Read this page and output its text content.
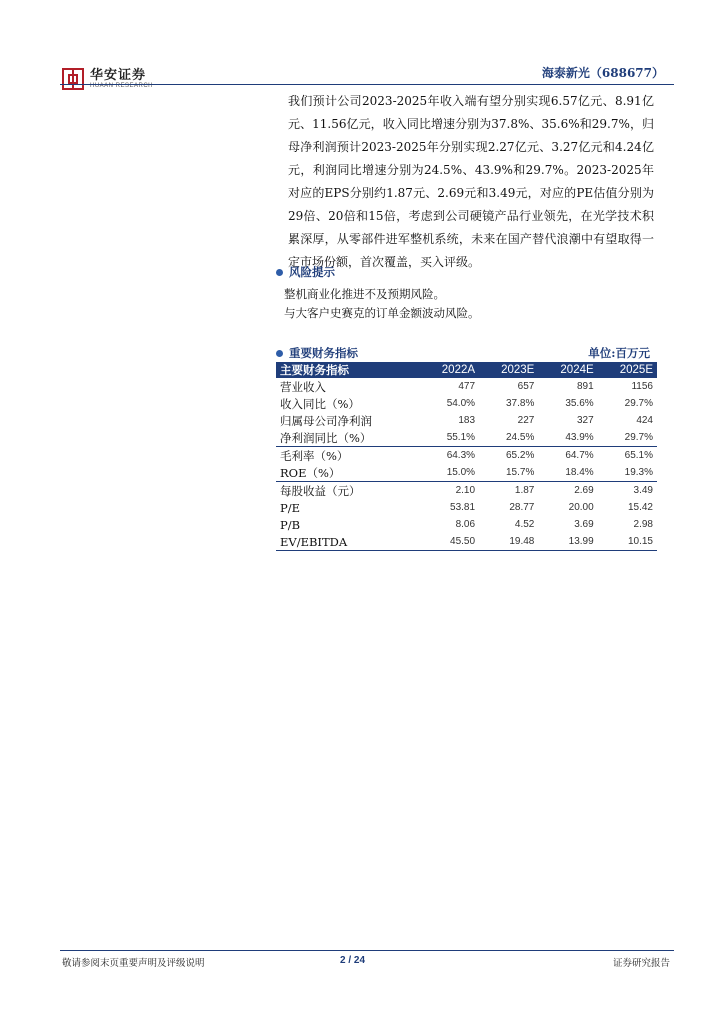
华安证券
HUAAN RESEARCH
海泰新光（688677）
我们预计公司2023-2025年收入端有望分别实现6.57亿元、8.91亿元、11.56亿元，收入同比增速分别为37.8%、35.6%和29.7%，归母净利润预计2023-2025年分别实现2.27亿元、3.27亿元和4.24亿元，利润同比增速分别为24.5%、43.9%和29.7%。2023-2025年对应的EPS分别约1.87元、2.69元和3.49元，对应的PE估值分别为29倍、20倍和15倍，考虑到公司硬镜产品行业领先，在光学技术积累深厚，从零部件进军整机系统，未来在国产替代浪潮中有望取得一定市场份额，首次覆盖，买入评级。
风险提示
整机商业化推进不及预期风险。
与大客户史赛克的订单金额波动风险。
重要财务指标	单位:百万元
主要财务指标	2022A	2023E	2024E	2025E
营业收入	477	657	891	1156
收入同比（%）	54.0%	37.8%	35.6%	29.7%
归属母公司净利润	183	227	327	424
净利润同比（%）	55.1%	24.5%	43.9%	29.7%
毛利率（%）	64.3%	65.2%	64.7%	65.1%
ROE（%）	15.0%	15.7%	18.4%	19.3%
每股收益（元）	2.10	1.87	2.69	3.49
P/E	53.81	28.77	20.00	15.42
P/B	8.06	4.52	3.69	2.98
EV/EBITDA	45.50	19.48	13.99	10.15
敬请参阅末页重要声明及评级说明	2 / 24	证券研究报告
